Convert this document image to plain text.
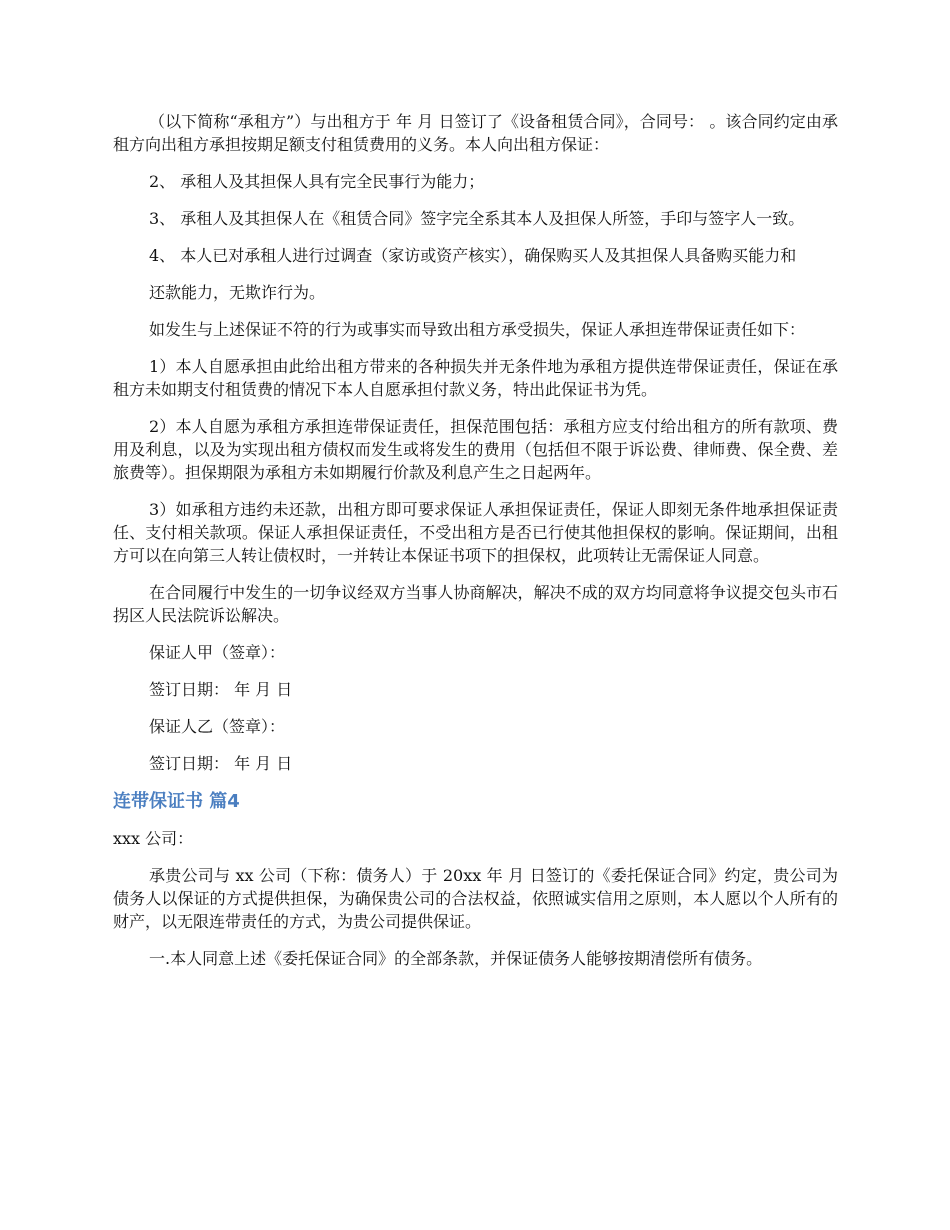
（以下简称“承租方”）与出租方于 年 月 日签订了《设备租赁合同》，合同号： 。该合同约定由承租方向出租方承担按期足额支付租赁费用的义务。本人向出租方保证：

2、 承租人及其担保人具有完全民事行为能力；

3、 承租人及其担保人在《租赁合同》签字完全系其本人及担保人所签，手印与签字人一致。

4、 本人已对承租人进行过调查（家访或资产核实），确保购买人及其担保人具备购买能力和

还款能力，无欺诈行为。

如发生与上述保证不符的行为或事实而导致出租方承受损失，保证人承担连带保证责任如下：

1）本人自愿承担由此给出租方带来的各种损失并无条件地为承租方提供连带保证责任，保证在承租方未如期支付租赁费的情况下本人自愿承担付款义务，特出此保证书为凭。

2）本人自愿为承租方承担连带保证责任，担保范围包括：承租方应支付给出租方的所有款项、费用及利息，以及为实现出租方债权而发生或将发生的费用（包括但不限于诉讼费、律师费、保全费、差旅费等）。担保期限为承租方未如期履行价款及利息产生之日起两年。

3）如承租方违约未还款，出租方即可要求保证人承担保证责任，保证人即刻无条件地承担保证责任、支付相关款项。保证人承担保证责任，不受出租方是否已行使其他担保权的影响。保证期间，出租方可以在向第三人转让债权时，一并转让本保证书项下的担保权，此项转让无需保证人同意。

在合同履行中发生的一切争议经双方当事人协商解决，解决不成的双方均同意将争议提交包头市石拐区人民法院诉讼解决。

保证人甲（签章）：

签订日期： 年 月 日

保证人乙（签章）：

签订日期： 年 月 日

连带保证书 篇4

xxx 公司：

承贵公司与 xx 公司（下称：债务人）于 20xx 年 月 日签订的《委托保证合同》约定，贵公司为债务人以保证的方式提供担保，为确保贵公司的合法权益，依照诚实信用之原则，本人愿以个人所有的财产，以无限连带责任的方式，为贵公司提供保证。

一.本人同意上述《委托保证合同》的全部条款，并保证债务人能够按期清偿所有债务。
